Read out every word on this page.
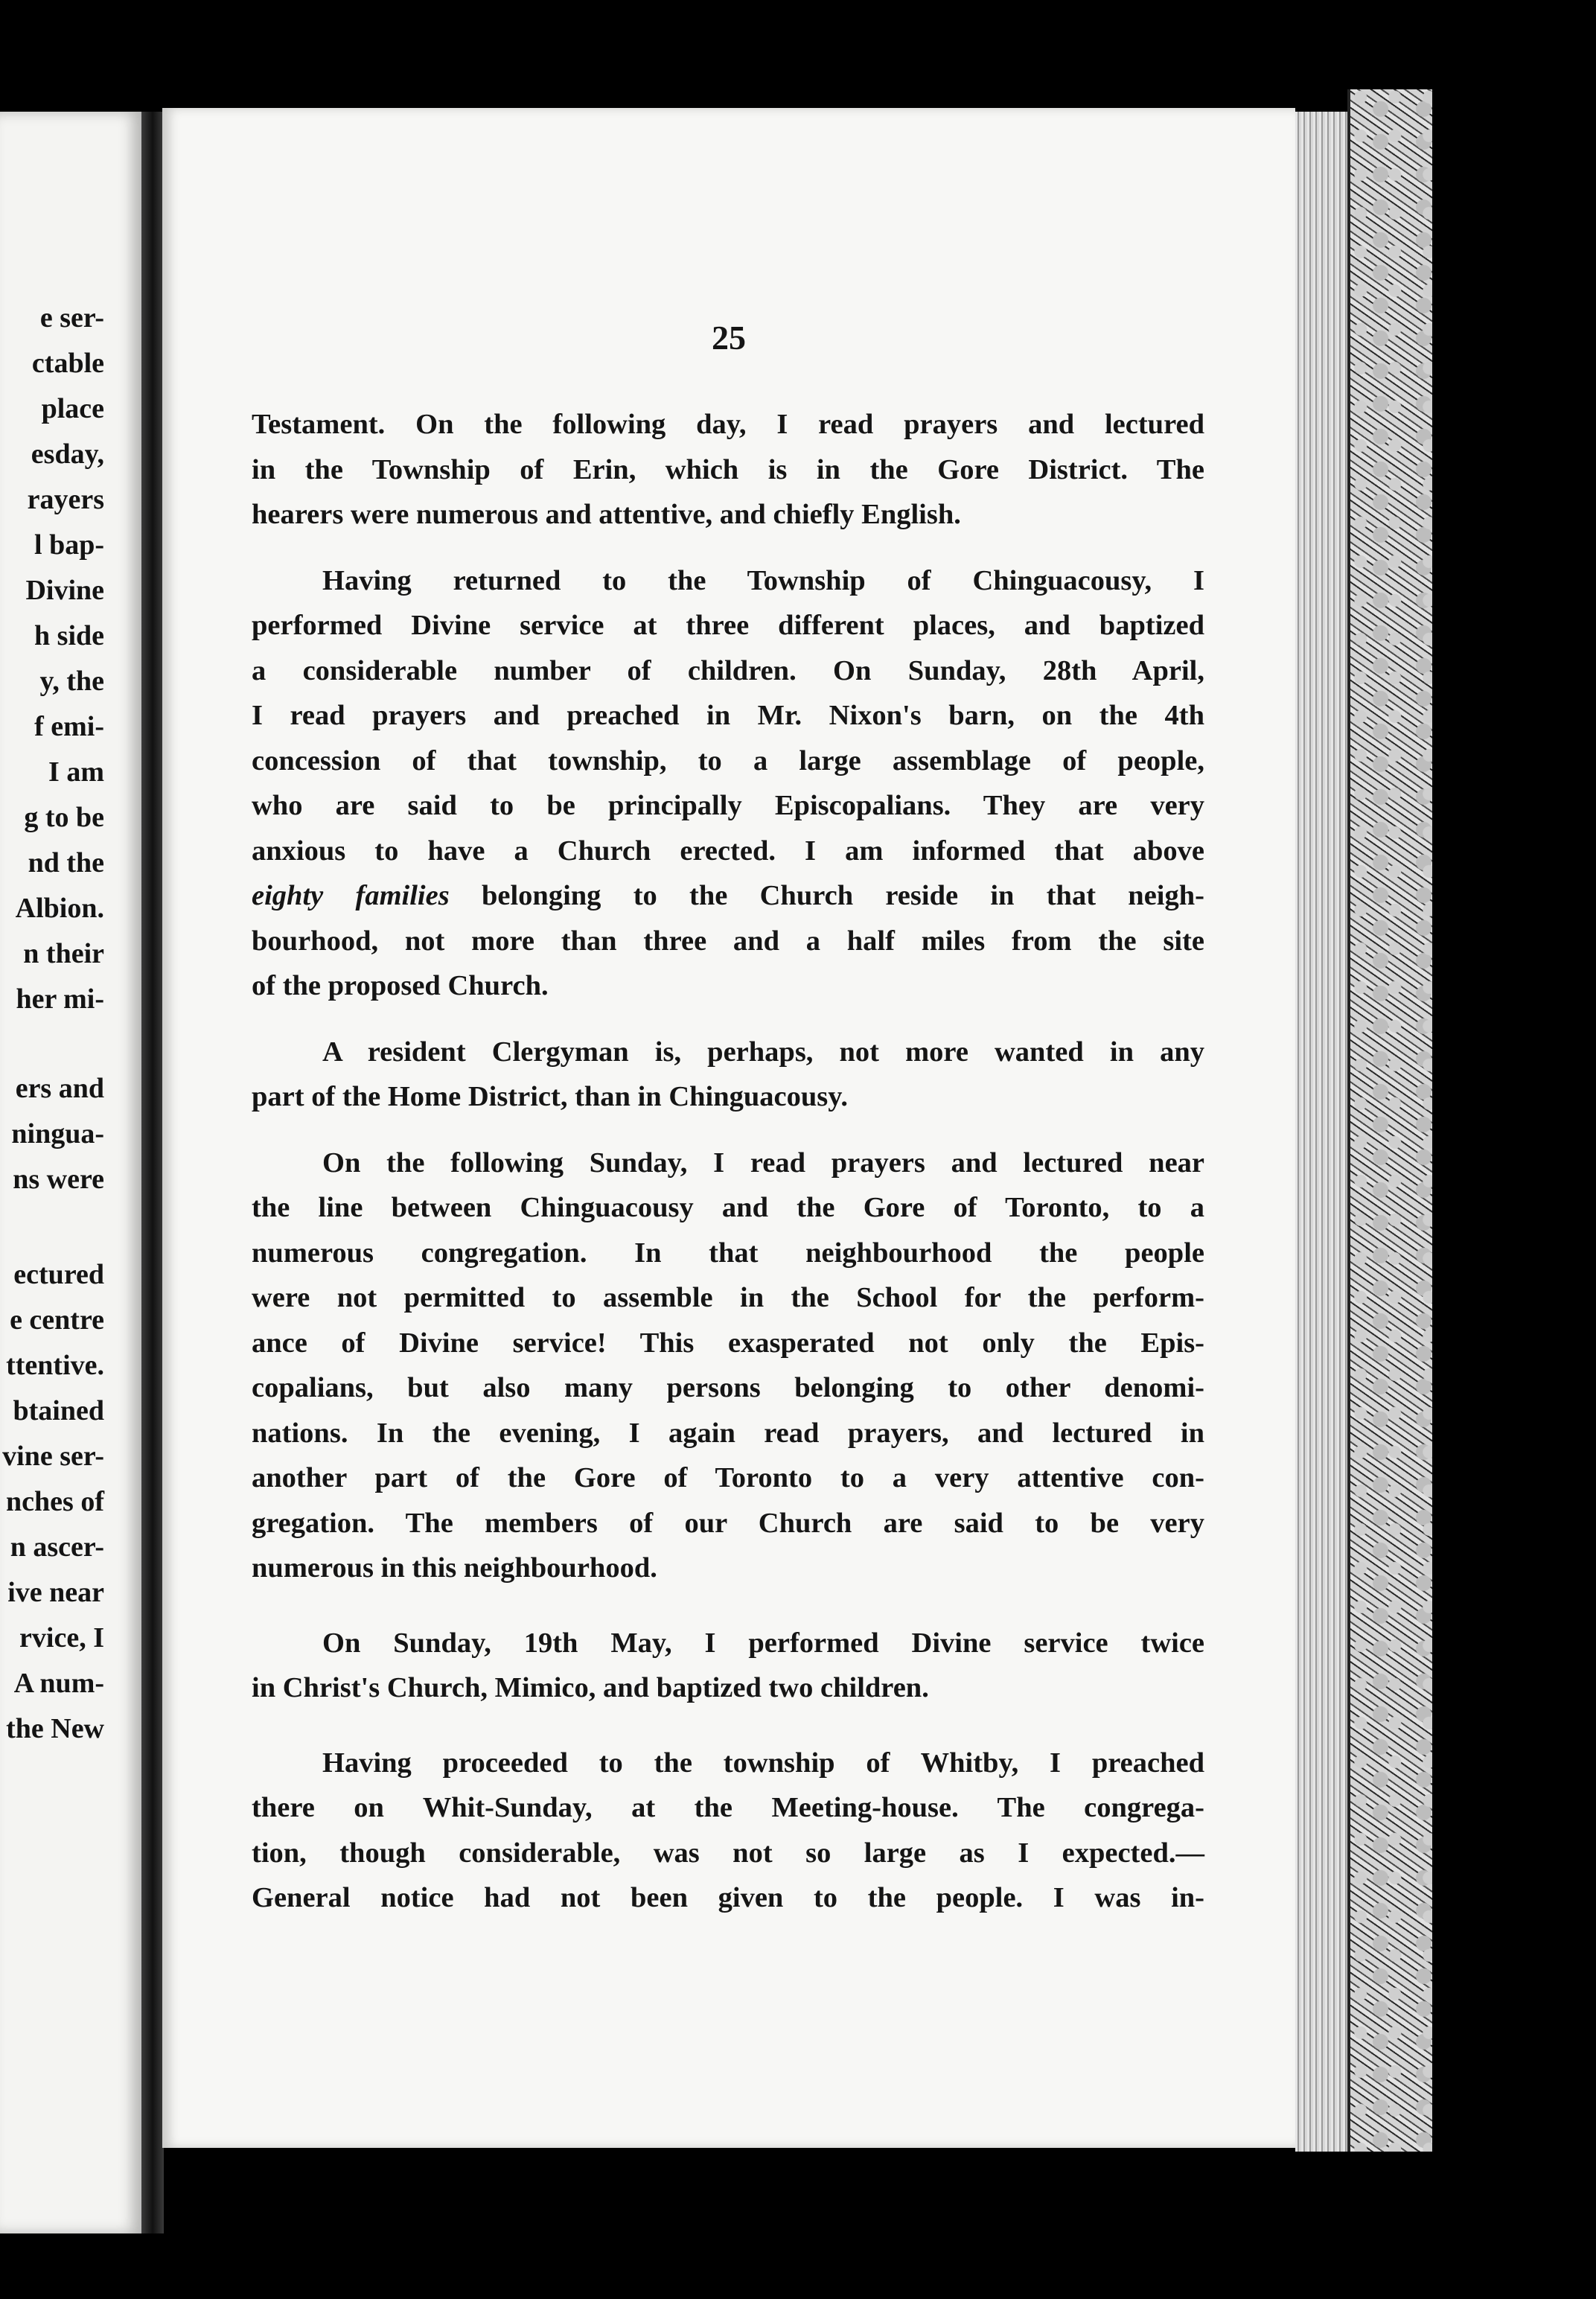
e ser-
ctable
place
esday,
rayers
l bap-
Divine
h side
y, the
f emi-
I am
g to be
nd the
Albion.
n their
her mi-
ers and
ningua-
ns were
ectured
e centre
ttentive.
btained
vine ser-
nches of
n ascer-
ive near
rvice, I
A num-
the New
25
Testament. On the following day, I read prayers and lectured
in the Township of Erin, which is in the Gore District. The
hearers were numerous and attentive, and chiefly English.
Having returned to the Township of Chinguacousy, I
performed Divine service at three different places, and baptized
a considerable number of children. On Sunday, 28th April,
I read prayers and preached in Mr. Nixon's barn, on the 4th
concession of that township, to a large assemblage of people,
who are said to be principally Episcopalians. They are very
anxious to have a Church erected. I am informed that above
eighty families belonging to the Church reside in that neigh-
bourhood, not more than three and a half miles from the site
of the proposed Church.
A resident Clergyman is, perhaps, not more wanted in any
part of the Home District, than in Chinguacousy.
On the following Sunday, I read prayers and lectured near
the line between Chinguacousy and the Gore of Toronto, to a
numerous congregation. In that neighbourhood the people
were not permitted to assemble in the School for the perform-
ance of Divine service! This exasperated not only the Epis-
copalians, but also many persons belonging to other denomi-
nations. In the evening, I again read prayers, and lectured in
another part of the Gore of Toronto to a very attentive con-
gregation. The members of our Church are said to be very
numerous in this neighbourhood.
On Sunday, 19th May, I performed Divine service twice
in Christ's Church, Mimico, and baptized two children.
Having proceeded to the township of Whitby, I preached
there on Whit-Sunday, at the Meeting-house. The congrega-
tion, though considerable, was not so large as I expected.—
General notice had not been given to the people. I was in-
